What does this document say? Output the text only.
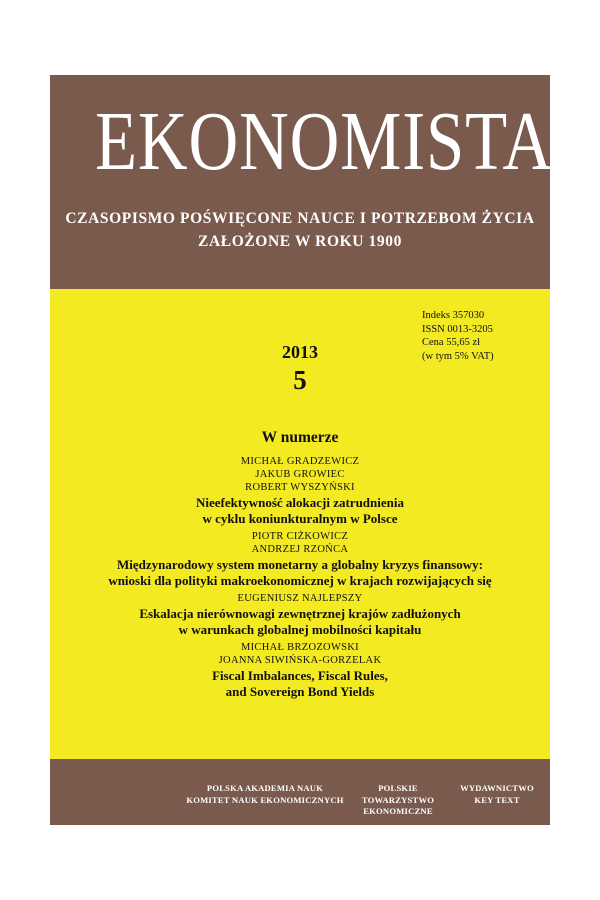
EKONOMISTA
CZASOPISMO POŚWIĘCONE NAUCE I POTRZEBOM ŻYCIA
ZAŁOŻONE W ROKU 1900
Indeks 357030
ISSN 0013-3205
Cena 55,65 zł
(w tym 5% VAT)
2013
5
W numerze
MICHAŁ GRADZEWICZ
JAKUB GROWIEC
ROBERT WYSZYŃSKI
Nieefektywność alokacji zatrudnienia
w cyklu koniunkturalnym w Polsce
PIOTR CIŻKOWICZ
ANDRZEJ RZOŃCA
Międzynarodowy system monetarny a globalny kryzys finansowy:
wnioski dla polityki makroekonomicznej w krajach rozwijających się
EUGENIUSZ NAJLEPSZY
Eskalacja nierównowagi zewnętrznej krajów zadłużonych
w warunkach globalnej mobilności kapitału
MICHAŁ BRZOZOWSKI
JOANNA SIWIŃSKA-GORZELAK
Fiscal Imbalances, Fiscal Rules,
and Sovereign Bond Yields
POLSKA AKADEMIA NAUK
KOMITET NAUK EKONOMICZNYCH
POLSKIE TOWARZYSTWO
EKONOMICZNE
WYDAWNICTWO
KEY TEXT
